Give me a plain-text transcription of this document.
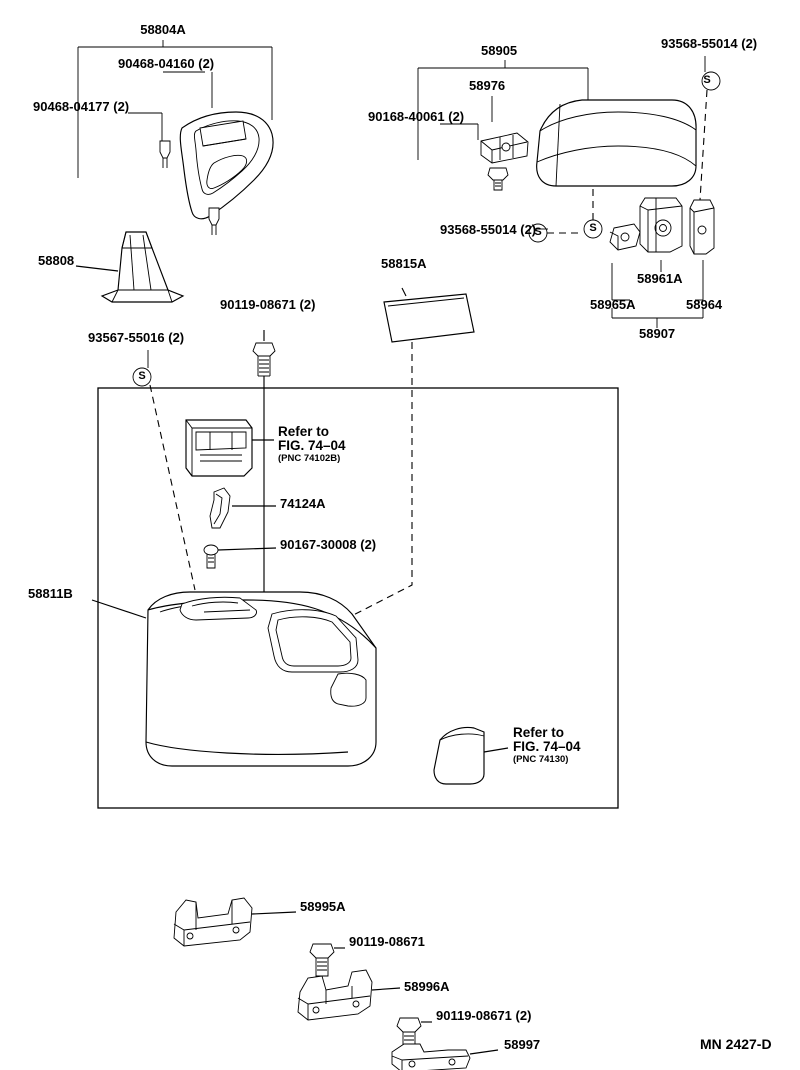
58804A
90468-04160 (2)
90468-04177 (2)
58808
93567-55016 (2)
90119-08671 (2)
58815A
58905
58976
90168-40061 (2)
93568-55014 (2)
93568-55014 (2)
58961A
58965A	58964
58907
74124A
90167-30008 (2)
58811B
58995A
90119-08671
58996A
90119-08671 (2)
58997
Refer to
FIG. 74–04
(PNC 74102B)
Refer to
FIG. 74–04
(PNC 74130)
S
S
S
S
MN 2427-D
